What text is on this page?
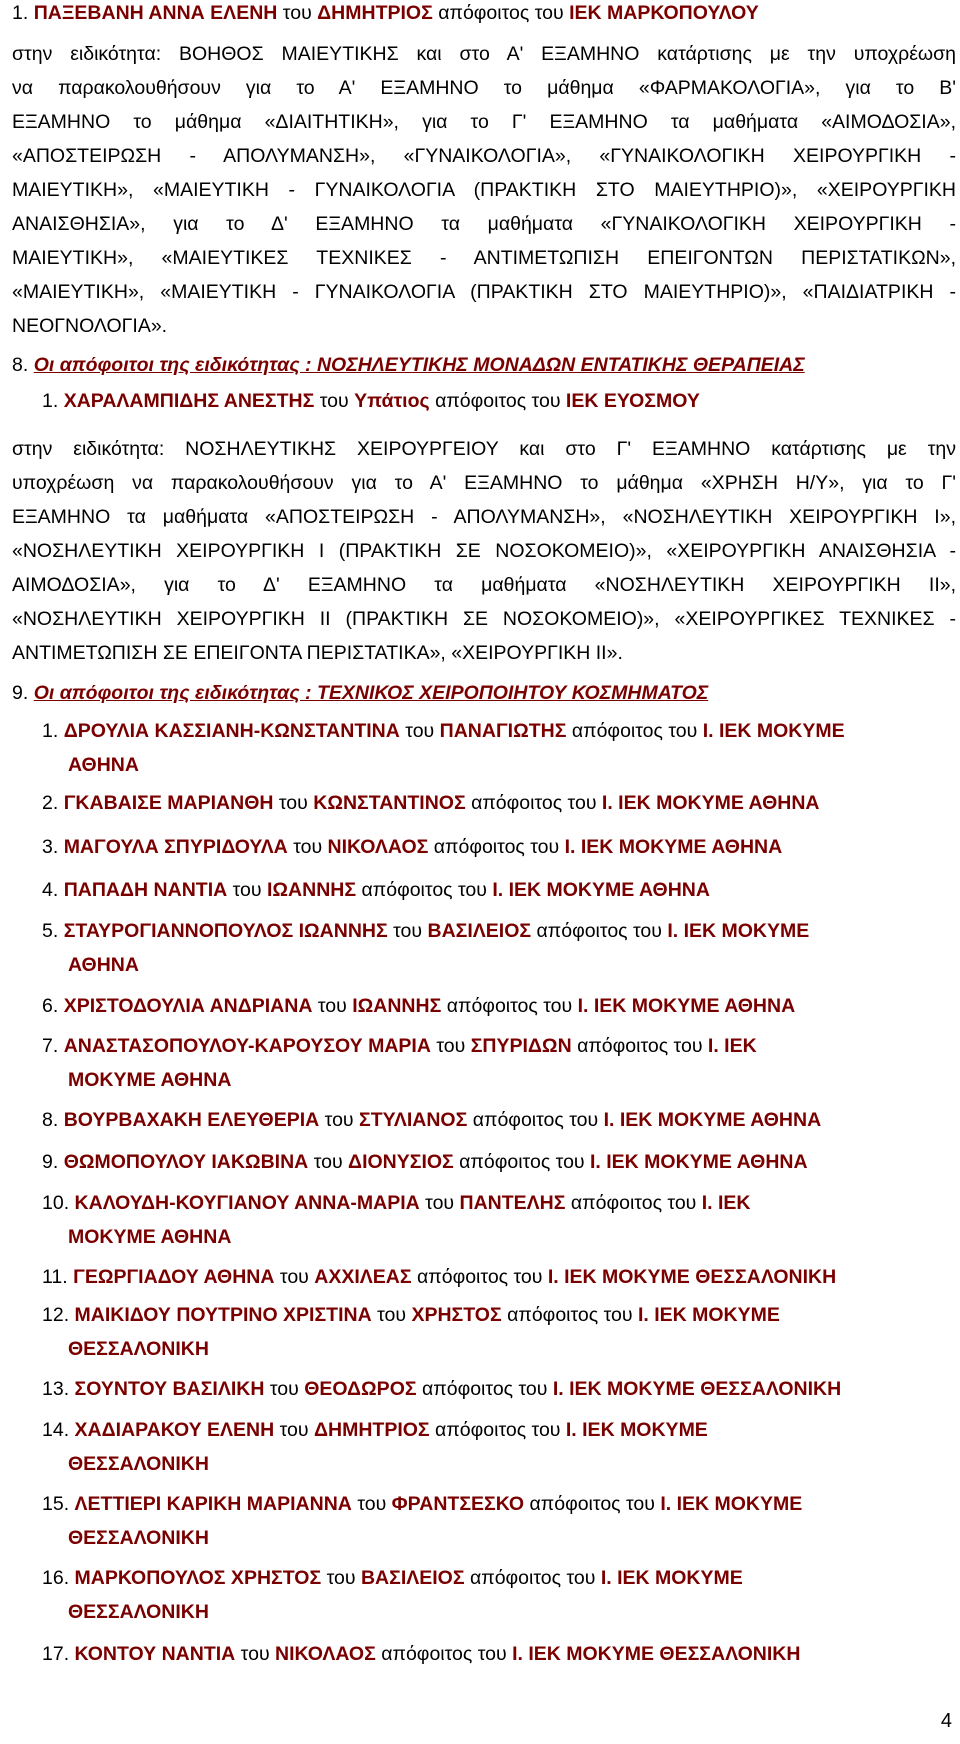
1. ΠΑΞΕΒΑΝΗ ΑΝΝΑ ΕΛΕΝΗ του ΔΗΜΗΤΡΙΟΣ απόφοιτος του ΙΕΚ ΜΑΡΚΟΠΟΥΛΟΥ
στην ειδικότητα: ΒΟΗΘΟΣ ΜΑΙΕΥΤΙΚΗΣ και στο Α' ΕΞΑΜΗΝΟ κατάρτισης με την υποχρέωση
να παρακολουθήσουν για το Α' ΕΞΑΜΗΝΟ το μάθημα «ΦΑΡΜΑΚΟΛΟΓΙΑ», για το Β'
ΕΞΑΜΗΝΟ το μάθημα «ΔΙΑΙΤΗΤΙΚΗ», για το Γ' ΕΞΑΜΗΝΟ τα μαθήματα «ΑΙΜΟΔΟΣΙΑ»,
«ΑΠΟΣΤΕΙΡΩΣΗ - ΑΠΟΛΥΜΑΝΣΗ», «ΓΥΝΑΙΚΟΛΟΓΙΑ», «ΓΥΝΑΙΚΟΛΟΓΙΚΗ ΧΕΙΡΟΥΡΓΙΚΗ -
ΜΑΙΕΥΤΙΚΗ», «ΜΑΙΕΥΤΙΚΗ - ΓΥΝΑΙΚΟΛΟΓΙΑ (ΠΡΑΚΤΙΚΗ ΣΤΟ ΜΑΙΕΥΤΗΡΙΟ)», «ΧΕΙΡΟΥΡΓΙΚΗ
ΑΝΑΙΣΘΗΣΙΑ», για το Δ' ΕΞΑΜΗΝΟ τα μαθήματα «ΓΥΝΑΙΚΟΛΟΓΙΚΗ ΧΕΙΡΟΥΡΓΙΚΗ -
ΜΑΙΕΥΤΙΚΗ», «ΜΑΙΕΥΤΙΚΕΣ ΤΕΧΝΙΚΕΣ - ΑΝΤΙΜΕΤΩΠΙΣΗ ΕΠΕΙΓΟΝΤΩΝ ΠΕΡΙΣΤΑΤΙΚΩΝ»,
«ΜΑΙΕΥΤΙΚΗ», «ΜΑΙΕΥΤΙΚΗ - ΓΥΝΑΙΚΟΛΟΓΙΑ (ΠΡΑΚΤΙΚΗ ΣΤΟ ΜΑΙΕΥΤΗΡΙΟ)», «ΠΑΙΔΙΑΤΡΙΚΗ -
ΝΕΟΓΝΟΛΟΓΙΑ».
8. Οι απόφοιτοι της ειδικότητας : ΝΟΣΗΛΕΥΤΙΚΗΣ ΜΟΝΑΔΩΝ ΕΝΤΑΤΙΚΗΣ ΘΕΡΑΠΕΙΑΣ
1. ΧΑΡΑΛΑΜΠΙΔΗΣ ΑΝΕΣΤΗΣ του Υπάτιος απόφοιτος του ΙΕΚ ΕΥΟΣΜΟΥ
στην ειδικότητα: ΝΟΣΗΛΕΥΤΙΚΗΣ ΧΕΙΡΟΥΡΓΕΙΟΥ και στο Γ' ΕΞΑΜΗΝΟ κατάρτισης με την
υποχρέωση να παρακολουθήσουν για το Α' ΕΞΑΜΗΝΟ το μάθημα «ΧΡΗΣΗ Η/Υ», για το Γ'
ΕΞΑΜΗΝΟ τα μαθήματα «ΑΠΟΣΤΕΙΡΩΣΗ - ΑΠΟΛΥΜΑΝΣΗ», «ΝΟΣΗΛΕΥΤΙΚΗ ΧΕΙΡΟΥΡΓΙΚΗ Ι»,
«ΝΟΣΗΛΕΥΤΙΚΗ ΧΕΙΡΟΥΡΓΙΚΗ Ι (ΠΡΑΚΤΙΚΗ ΣΕ ΝΟΣΟΚΟΜΕΙΟ)», «ΧΕΙΡΟΥΡΓΙΚΗ ΑΝΑΙΣΘΗΣΙΑ -
ΑΙΜΟΔΟΣΙΑ», για το Δ' ΕΞΑΜΗΝΟ τα μαθήματα «ΝΟΣΗΛΕΥΤΙΚΗ ΧΕΙΡΟΥΡΓΙΚΗ ΙΙ»,
«ΝΟΣΗΛΕΥΤΙΚΗ ΧΕΙΡΟΥΡΓΙΚΗ ΙΙ (ΠΡΑΚΤΙΚΗ ΣΕ ΝΟΣΟΚΟΜΕΙΟ)», «ΧΕΙΡΟΥΡΓΙΚΕΣ ΤΕΧΝΙΚΕΣ -
ΑΝΤΙΜΕΤΩΠΙΣΗ ΣΕ ΕΠΕΙΓΟΝΤΑ ΠΕΡΙΣΤΑΤΙΚΑ», «ΧΕΙΡΟΥΡΓΙΚΗ ΙΙ».
9. Οι απόφοιτοι της ειδικότητας : ΤΕΧΝΙΚΟΣ ΧΕΙΡΟΠΟΙΗΤΟΥ ΚΟΣΜΗΜΑΤΟΣ
1. ΔΡΟΥΛΙΑ ΚΑΣΣΙΑΝΗ-ΚΩΝΣΤΑΝΤΙΝΑ του ΠΑΝΑΓΙΩΤΗΣ απόφοιτος του Ι. ΙΕΚ ΜΟΚΥΜΕ
ΑΘΗΝΑ
2. ΓΚΑΒΑΙΣΕ ΜΑΡΙΑΝΘΗ του ΚΩΝΣΤΑΝΤΙΝΟΣ απόφοιτος του Ι. ΙΕΚ ΜΟΚΥΜΕ ΑΘΗΝΑ
3. ΜΑΓΟΥΛΑ ΣΠΥΡΙΔΟΥΛΑ του ΝΙΚΟΛΑΟΣ απόφοιτος του Ι. ΙΕΚ ΜΟΚΥΜΕ ΑΘΗΝΑ
4. ΠΑΠΑΔΗ ΝΑΝΤΙΑ του ΙΩΑΝΝΗΣ απόφοιτος του Ι. ΙΕΚ ΜΟΚΥΜΕ ΑΘΗΝΑ
5. ΣΤΑΥΡΟΓΙΑΝΝΟΠΟΥΛΟΣ ΙΩΑΝΝΗΣ του ΒΑΣΙΛΕΙΟΣ απόφοιτος του Ι. ΙΕΚ ΜΟΚΥΜΕ
ΑΘΗΝΑ
6. ΧΡΙΣΤΟΔΟΥΛΙΑ ΑΝΔΡΙΑΝΑ του ΙΩΑΝΝΗΣ απόφοιτος του Ι. ΙΕΚ ΜΟΚΥΜΕ ΑΘΗΝΑ
7. ΑΝΑΣΤΑΣΟΠΟΥΛΟΥ-ΚΑΡΟΥΣΟΥ ΜΑΡΙΑ του ΣΠΥΡΙΔΩΝ απόφοιτος του Ι. ΙΕΚ
ΜΟΚΥΜΕ ΑΘΗΝΑ
8. ΒΟΥΡΒΑΧΑΚΗ ΕΛΕΥΘΕΡΙΑ του ΣΤΥΛΙΑΝΟΣ απόφοιτος του Ι. ΙΕΚ ΜΟΚΥΜΕ ΑΘΗΝΑ
9. ΘΩΜΟΠΟΥΛΟΥ ΙΑΚΩΒΙΝΑ του ΔΙΟΝΥΣΙΟΣ απόφοιτος του Ι. ΙΕΚ ΜΟΚΥΜΕ ΑΘΗΝΑ
10. ΚΑΛΟΥΔΗ-ΚΟΥΓΙΑΝΟΥ ΑΝΝΑ-ΜΑΡΙΑ του ΠΑΝΤΕΛΗΣ απόφοιτος του Ι. ΙΕΚ
ΜΟΚΥΜΕ ΑΘΗΝΑ
11. ΓΕΩΡΓΙΑΔΟΥ ΑΘΗΝΑ του ΑΧΧΙΛΕΑΣ απόφοιτος του Ι. ΙΕΚ ΜΟΚΥΜΕ ΘΕΣΣΑΛΟΝΙΚΗ
12. ΜΑΙΚΙΔΟΥ ΠΟΥΤΡΙΝΟ ΧΡΙΣΤΙΝΑ του ΧΡΗΣΤΟΣ απόφοιτος του Ι. ΙΕΚ ΜΟΚΥΜΕ
ΘΕΣΣΑΛΟΝΙΚΗ
13. ΣΟΥΝΤΟΥ ΒΑΣΙΛΙΚΗ του ΘΕΟΔΩΡΟΣ απόφοιτος του Ι. ΙΕΚ ΜΟΚΥΜΕ ΘΕΣΣΑΛΟΝΙΚΗ
14. ΧΑΔΙΑΡΑΚΟΥ ΕΛΕΝΗ του ΔΗΜΗΤΡΙΟΣ απόφοιτος του Ι. ΙΕΚ ΜΟΚΥΜΕ
ΘΕΣΣΑΛΟΝΙΚΗ
15. ΛΕΤΤΙΕΡΙ ΚΑΡΙΚΗ ΜΑΡΙΑΝΝΑ του ΦΡΑΝΤΣΕΣΚΟ απόφοιτος του Ι. ΙΕΚ ΜΟΚΥΜΕ
ΘΕΣΣΑΛΟΝΙΚΗ
16. ΜΑΡΚΟΠΟΥΛΟΣ ΧΡΗΣΤΟΣ του ΒΑΣΙΛΕΙΟΣ απόφοιτος του Ι. ΙΕΚ ΜΟΚΥΜΕ
ΘΕΣΣΑΛΟΝΙΚΗ
17. ΚΟΝΤΟΥ ΝΑΝΤΙΑ του ΝΙΚΟΛΑΟΣ απόφοιτος του Ι. ΙΕΚ ΜΟΚΥΜΕ ΘΕΣΣΑΛΟΝΙΚΗ
4
